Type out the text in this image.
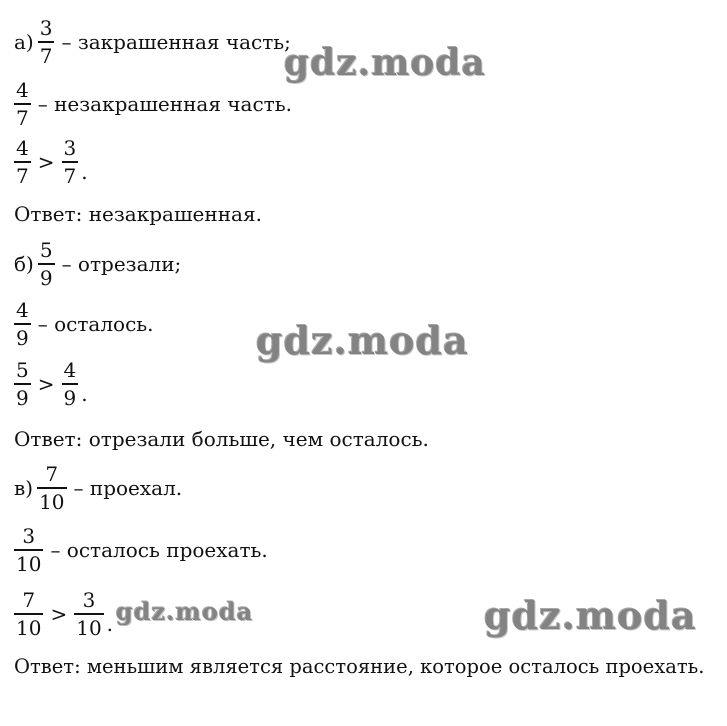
$а) \frac{3}{7}$ – закрашенная часть;
$\frac{4}{7}$ – незакрашенная часть.
$\frac{4}{7} > \frac{3}{7}$ .
Ответ: незакрашенная.
$б) \frac{5}{9}$ – отрезали;
$\frac{4}{9}$ – осталось.
$\frac{5}{9} > \frac{4}{9}$ .
Ответ: отрезали больше, чем осталось.
$в) \frac{7}{10}$ – проехал.
$\frac{3}{10}$ – осталось проехать.
$\frac{7}{10} > \frac{3}{10}$ .
Ответ: меньшим является расстояние, которое осталось проехать.
gdz.moda
gdz.moda
gdz.moda	gdz.moda
